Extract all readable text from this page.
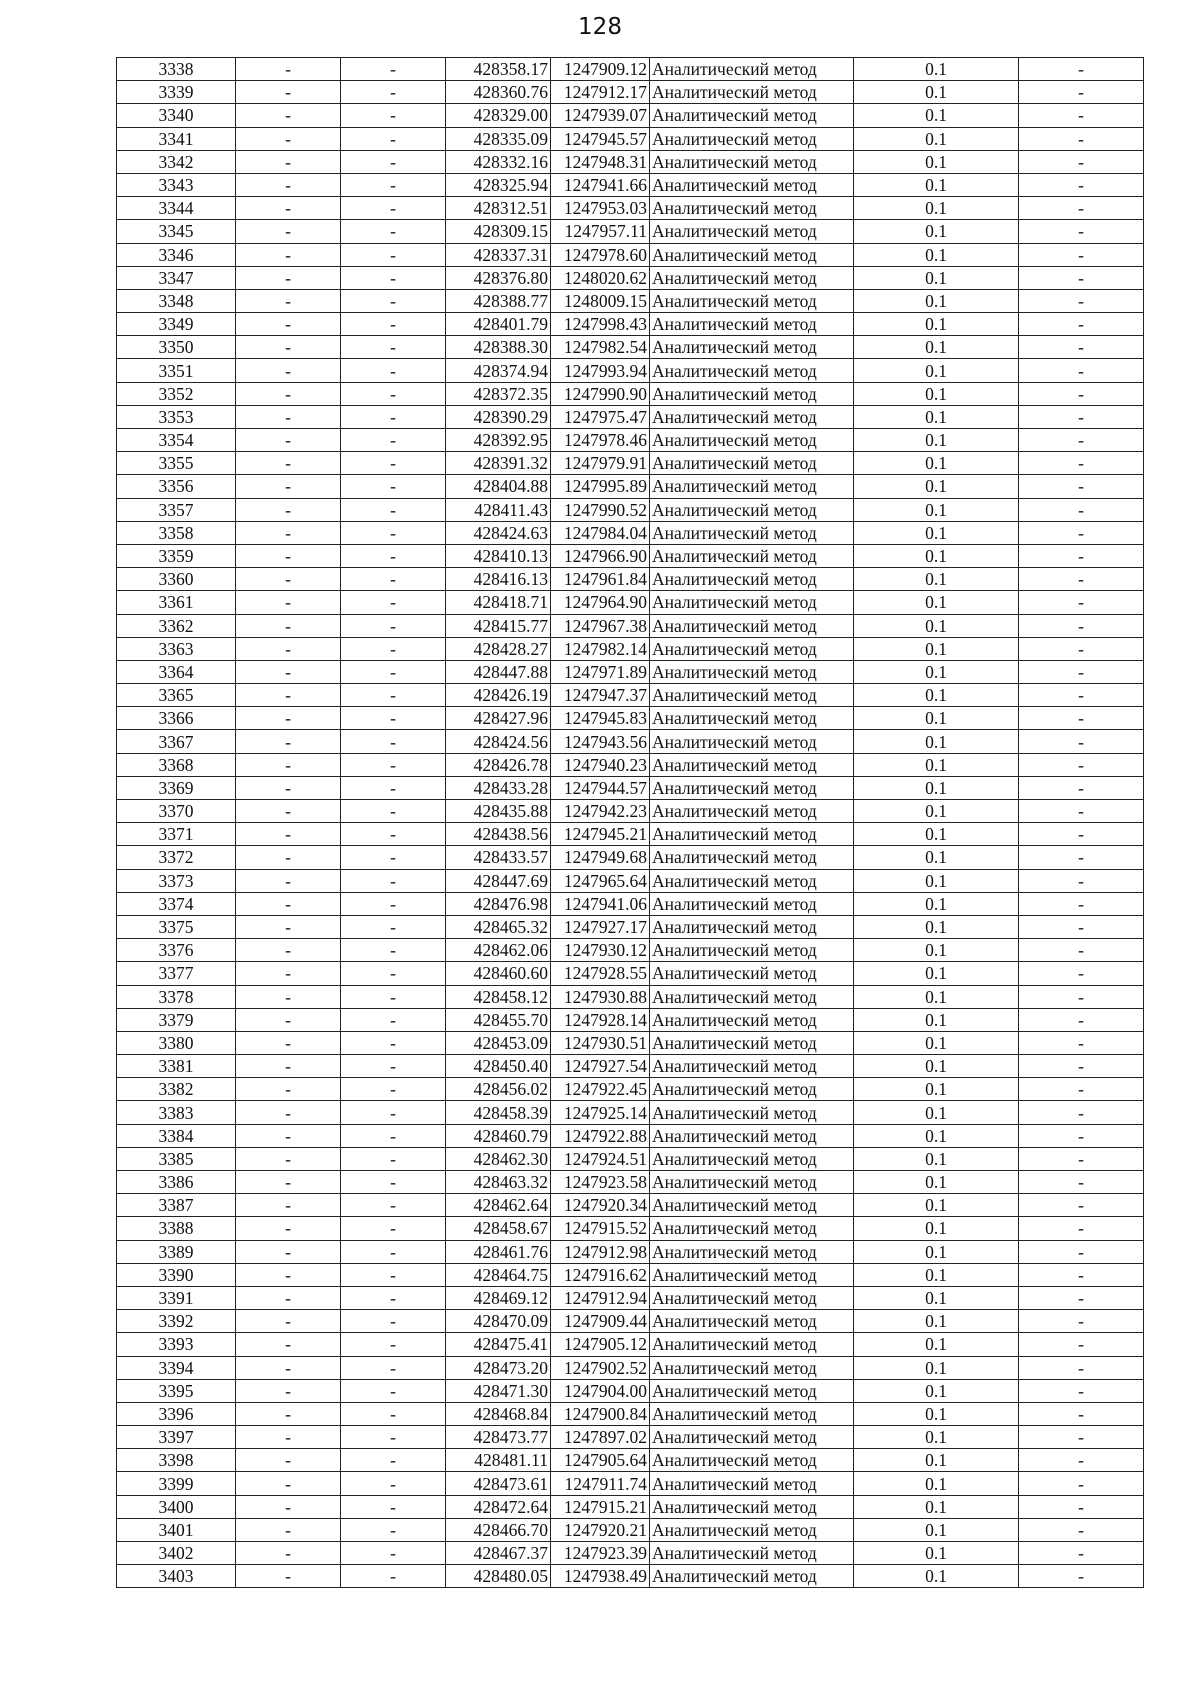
128
3338	-	-	428358.17	1247909.12	Аналитический метод	0.1	-
3339	-	-	428360.76	1247912.17	Аналитический метод	0.1	-
3340	-	-	428329.00	1247939.07	Аналитический метод	0.1	-
3341	-	-	428335.09	1247945.57	Аналитический метод	0.1	-
3342	-	-	428332.16	1247948.31	Аналитический метод	0.1	-
3343	-	-	428325.94	1247941.66	Аналитический метод	0.1	-
3344	-	-	428312.51	1247953.03	Аналитический метод	0.1	-
3345	-	-	428309.15	1247957.11	Аналитический метод	0.1	-
3346	-	-	428337.31	1247978.60	Аналитический метод	0.1	-
3347	-	-	428376.80	1248020.62	Аналитический метод	0.1	-
3348	-	-	428388.77	1248009.15	Аналитический метод	0.1	-
3349	-	-	428401.79	1247998.43	Аналитический метод	0.1	-
3350	-	-	428388.30	1247982.54	Аналитический метод	0.1	-
3351	-	-	428374.94	1247993.94	Аналитический метод	0.1	-
3352	-	-	428372.35	1247990.90	Аналитический метод	0.1	-
3353	-	-	428390.29	1247975.47	Аналитический метод	0.1	-
3354	-	-	428392.95	1247978.46	Аналитический метод	0.1	-
3355	-	-	428391.32	1247979.91	Аналитический метод	0.1	-
3356	-	-	428404.88	1247995.89	Аналитический метод	0.1	-
3357	-	-	428411.43	1247990.52	Аналитический метод	0.1	-
3358	-	-	428424.63	1247984.04	Аналитический метод	0.1	-
3359	-	-	428410.13	1247966.90	Аналитический метод	0.1	-
3360	-	-	428416.13	1247961.84	Аналитический метод	0.1	-
3361	-	-	428418.71	1247964.90	Аналитический метод	0.1	-
3362	-	-	428415.77	1247967.38	Аналитический метод	0.1	-
3363	-	-	428428.27	1247982.14	Аналитический метод	0.1	-
3364	-	-	428447.88	1247971.89	Аналитический метод	0.1	-
3365	-	-	428426.19	1247947.37	Аналитический метод	0.1	-
3366	-	-	428427.96	1247945.83	Аналитический метод	0.1	-
3367	-	-	428424.56	1247943.56	Аналитический метод	0.1	-
3368	-	-	428426.78	1247940.23	Аналитический метод	0.1	-
3369	-	-	428433.28	1247944.57	Аналитический метод	0.1	-
3370	-	-	428435.88	1247942.23	Аналитический метод	0.1	-
3371	-	-	428438.56	1247945.21	Аналитический метод	0.1	-
3372	-	-	428433.57	1247949.68	Аналитический метод	0.1	-
3373	-	-	428447.69	1247965.64	Аналитический метод	0.1	-
3374	-	-	428476.98	1247941.06	Аналитический метод	0.1	-
3375	-	-	428465.32	1247927.17	Аналитический метод	0.1	-
3376	-	-	428462.06	1247930.12	Аналитический метод	0.1	-
3377	-	-	428460.60	1247928.55	Аналитический метод	0.1	-
3378	-	-	428458.12	1247930.88	Аналитический метод	0.1	-
3379	-	-	428455.70	1247928.14	Аналитический метод	0.1	-
3380	-	-	428453.09	1247930.51	Аналитический метод	0.1	-
3381	-	-	428450.40	1247927.54	Аналитический метод	0.1	-
3382	-	-	428456.02	1247922.45	Аналитический метод	0.1	-
3383	-	-	428458.39	1247925.14	Аналитический метод	0.1	-
3384	-	-	428460.79	1247922.88	Аналитический метод	0.1	-
3385	-	-	428462.30	1247924.51	Аналитический метод	0.1	-
3386	-	-	428463.32	1247923.58	Аналитический метод	0.1	-
3387	-	-	428462.64	1247920.34	Аналитический метод	0.1	-
3388	-	-	428458.67	1247915.52	Аналитический метод	0.1	-
3389	-	-	428461.76	1247912.98	Аналитический метод	0.1	-
3390	-	-	428464.75	1247916.62	Аналитический метод	0.1	-
3391	-	-	428469.12	1247912.94	Аналитический метод	0.1	-
3392	-	-	428470.09	1247909.44	Аналитический метод	0.1	-
3393	-	-	428475.41	1247905.12	Аналитический метод	0.1	-
3394	-	-	428473.20	1247902.52	Аналитический метод	0.1	-
3395	-	-	428471.30	1247904.00	Аналитический метод	0.1	-
3396	-	-	428468.84	1247900.84	Аналитический метод	0.1	-
3397	-	-	428473.77	1247897.02	Аналитический метод	0.1	-
3398	-	-	428481.11	1247905.64	Аналитический метод	0.1	-
3399	-	-	428473.61	1247911.74	Аналитический метод	0.1	-
3400	-	-	428472.64	1247915.21	Аналитический метод	0.1	-
3401	-	-	428466.70	1247920.21	Аналитический метод	0.1	-
3402	-	-	428467.37	1247923.39	Аналитический метод	0.1	-
3403	-	-	428480.05	1247938.49	Аналитический метод	0.1	-
